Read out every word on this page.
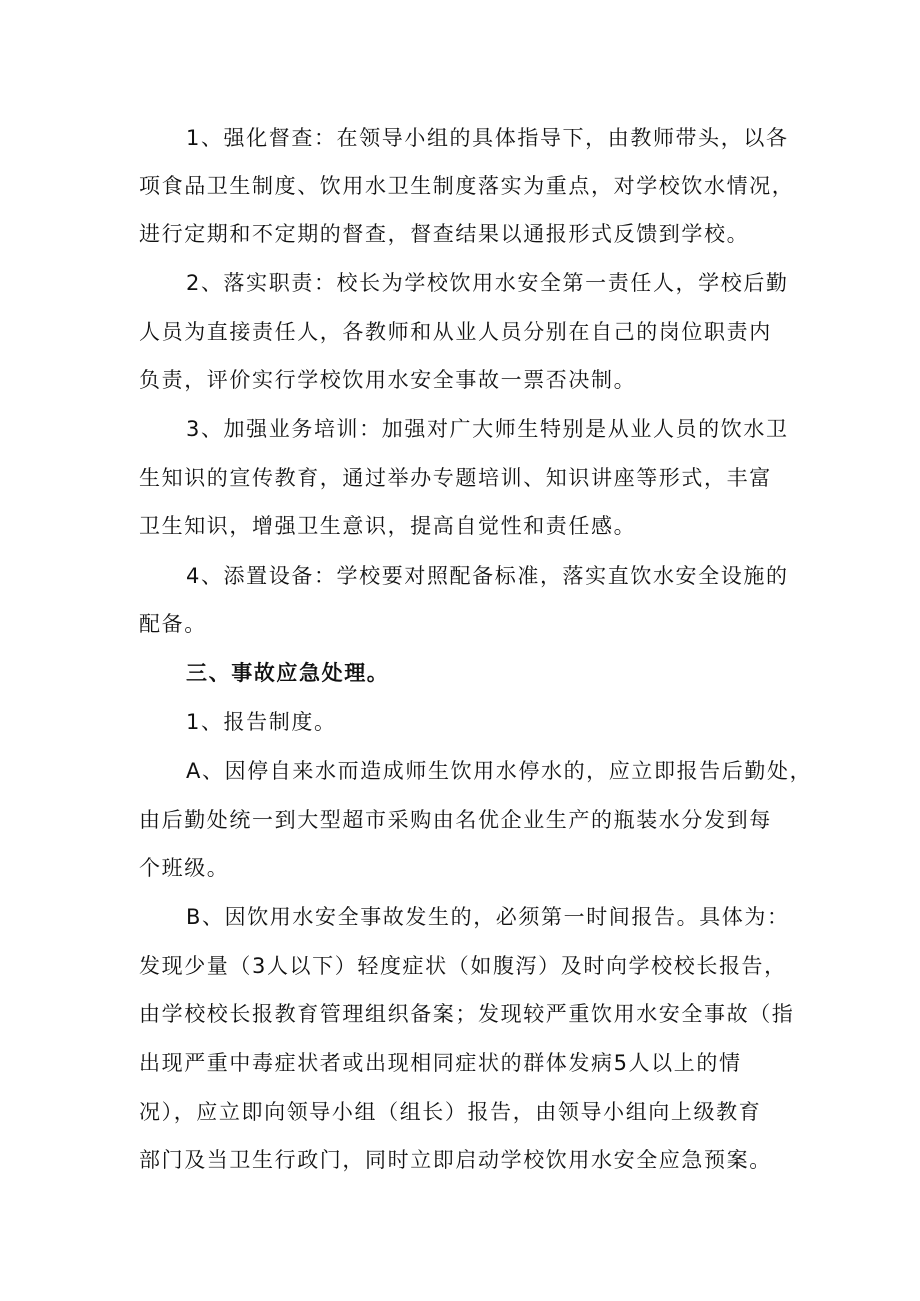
1、强化督查：在领导小组的具体指导下，由教师带头，以各
项食品卫生制度、饮用水卫生制度落实为重点，对学校饮水情况，
进行定期和不定期的督查，督查结果以通报形式反馈到学校。
2、落实职责：校长为学校饮用水安全第一责任人，学校后勤
人员为直接责任人，各教师和从业人员分别在自己的岗位职责内
负责，评价实行学校饮用水安全事故一票否决制。
3、加强业务培训：加强对广大师生特别是从业人员的饮水卫
生知识的宣传教育，通过举办专题培训、知识讲座等形式，丰富
卫生知识，增强卫生意识，提高自觉性和责任感。
4、添置设备：学校要对照配备标准，落实直饮水安全设施的
配备。
三、事故应急处理。
1、报告制度。
A、因停自来水而造成师生饮用水停水的，应立即报告后勤处，
由后勤处统一到大型超市采购由名优企业生产的瓶装水分发到每
个班级。
B、因饮用水安全事故发生的，必须第一时间报告。具体为：
发现少量（3人以下）轻度症状（如腹泻）及时向学校校长报告，
由学校校长报教育管理组织备案；发现较严重饮用水安全事故（指
出现严重中毒症状者或出现相同症状的群体发病5人以上的情
况），应立即向领导小组（组长）报告，由领导小组向上级教育
部门及当卫生行政门，同时立即启动学校饮用水安全应急预案。
